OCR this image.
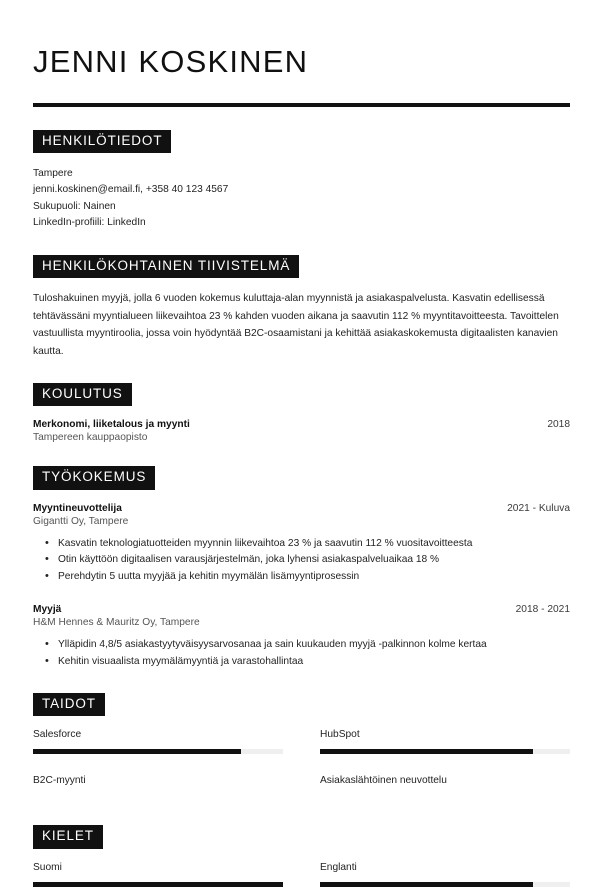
JENNI KOSKINEN
HENKILÖTIEDOT
Tampere
jenni.koskinen@email.fi, +358 40 123 4567
Sukupuoli: Nainen
LinkedIn-profiili: LinkedIn
HENKILÖKOHTAINEN TIIVISTELMÄ

Tuloshakuinen myyjä, jolla 6 vuoden kokemus kuluttaja-alan myynnistä ja asiakaspalvelusta. Kasvatin edellisessä tehtävässäni myyntialueen liikevaihtoa 23 % kahden vuoden aikana ja saavutin 112 % myyntitavoitteesta. Tavoittelen vastuullista myyntiroolia, jossa voin hyödyntää B2C-osaamistani ja kehittää asiakaskokemusta digitaalisten kanavien kautta.

KOULUTUS
Merkonomi, liiketalous ja myynti	2018
Tampereen kauppaopisto
TYÖKOKEMUS
Myyntineuvottelija	2021 - Kuluva
Gigantti Oy, Tampere
• Kasvatin teknologiatuotteiden myynnin liikevaihtoa 23 % ja saavutin 112 % vuositavoitteesta
• Otin käyttöön digitaalisen varausjärjestelmän, joka lyhensi asiakaspalveluaikaa 18 %
• Perehdytin 5 uutta myyjää ja kehitin myymälän lisämyyntiprosessin
Myyjä	2018 - 2021
H&M Hennes & Mauritz Oy, Tampere
• Ylläpidin 4,8/5 asiakastyytyväisyysarvosanaa ja sain kuukauden myyjä -palkinnon kolme kertaa
• Kehitin visuaalista myymälämyyntiä ja varastohallintaa
TAIDOT
Salesforce	HubSpot
B2C-myynti	Asiakaslähtöinen neuvottelu
KIELET
Suomi	Englanti
